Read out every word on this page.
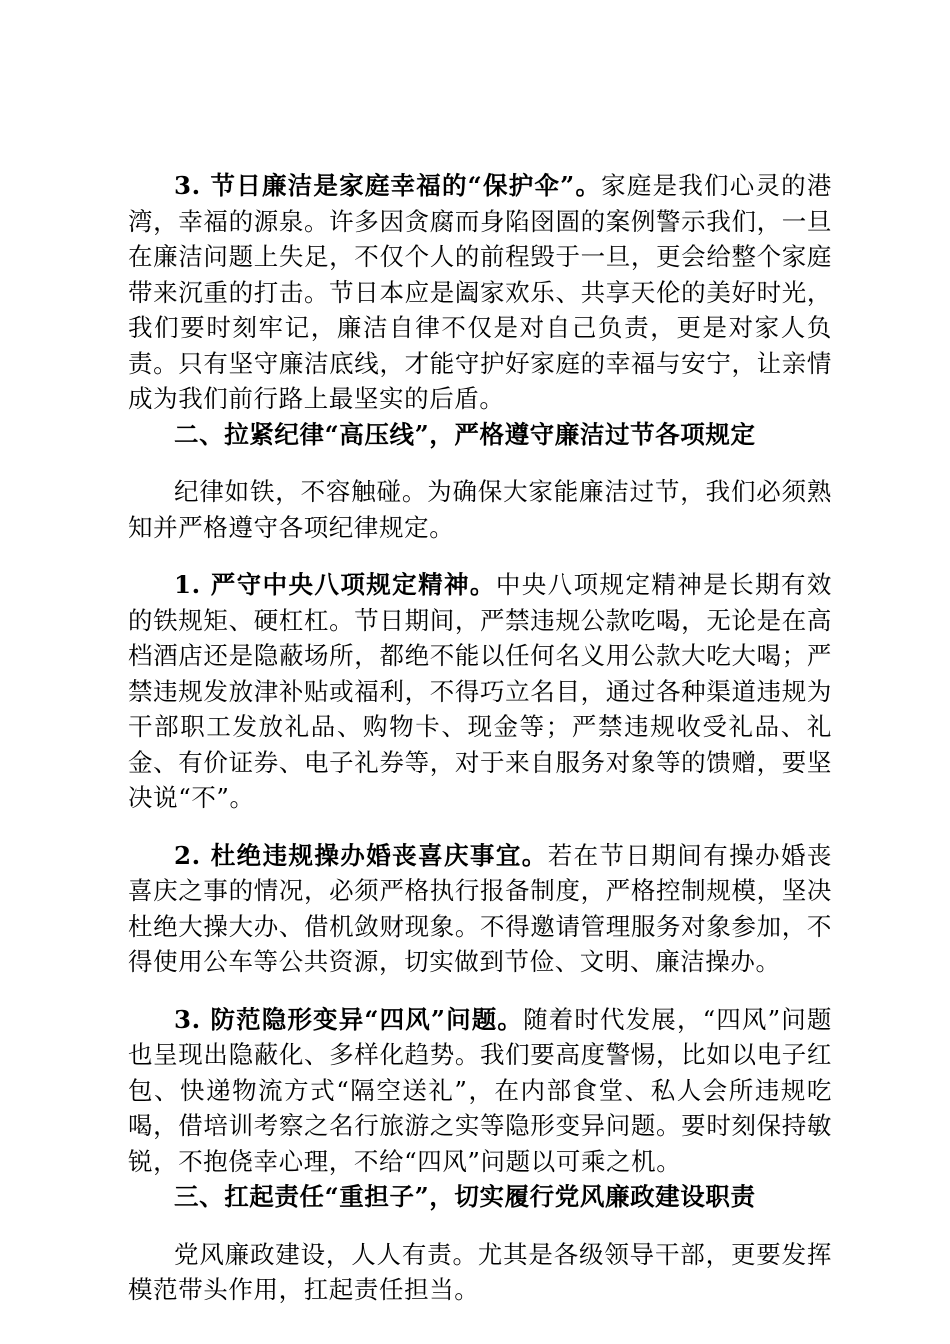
3. 节日廉洁是家庭幸福的“保护伞”。家庭是我们心灵的港湾，幸福的源泉。许多因贪腐而身陷囹圄的案例警示我们，一旦在廉洁问题上失足，不仅个人的前程毁于一旦，更会给整个家庭带来沉重的打击。节日本应是阖家欢乐、共享天伦的美好时光，我们要时刻牢记，廉洁自律不仅是对自己负责，更是对家人负责。只有坚守廉洁底线，才能守护好家庭的幸福与安宁，让亲情成为我们前行路上最坚实的后盾。

二、拉紧纪律“高压线”，严格遵守廉洁过节各项规定

纪律如铁，不容触碰。为确保大家能廉洁过节，我们必须熟知并严格遵守各项纪律规定。

1. 严守中央八项规定精神。中央八项规定精神是长期有效的铁规矩、硬杠杠。节日期间，严禁违规公款吃喝，无论是在高档酒店还是隐蔽场所，都绝不能以任何名义用公款大吃大喝；严禁违规发放津补贴或福利，不得巧立名目，通过各种渠道违规为干部职工发放礼品、购物卡、现金等；严禁违规收受礼品、礼金、有价证券、电子礼券等，对于来自服务对象等的馈赠，要坚决说“不”。

2. 杜绝违规操办婚丧喜庆事宜。若在节日期间有操办婚丧喜庆之事的情况，必须严格执行报备制度，严格控制规模，坚决杜绝大操大办、借机敛财现象。不得邀请管理服务对象参加，不得使用公车等公共资源，切实做到节俭、文明、廉洁操办。

3. 防范隐形变异“四风”问题。随着时代发展，“四风”问题也呈现出隐蔽化、多样化趋势。我们要高度警惕，比如以电子红包、快递物流方式“隔空送礼”，在内部食堂、私人会所违规吃喝，借培训考察之名行旅游之实等隐形变异问题。要时刻保持敏锐，不抱侥幸心理，不给“四风”问题以可乘之机。

三、扛起责任“重担子”，切实履行党风廉政建设职责

党风廉政建设，人人有责。尤其是各级领导干部，更要发挥模范带头作用，扛起责任担当。
